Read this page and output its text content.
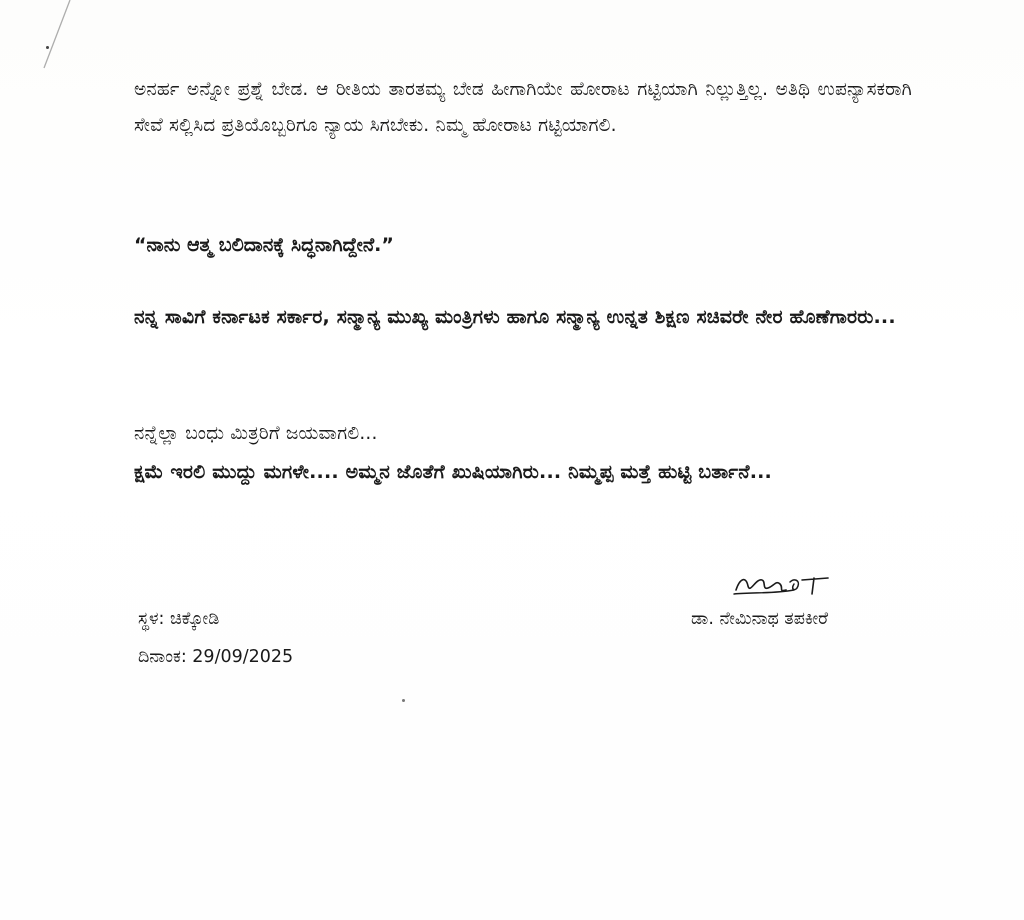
ಅನರ್ಹ ಅನ್ನೋ ಪ್ರಶ್ನೆ ಬೇಡ. ಆ ರೀತಿಯ ತಾರತಮ್ಯ ಬೇಡ ಹೀಗಾಗಿಯೇ ಹೋರಾಟ ಗಟ್ಟಿಯಾಗಿ ನಿಲ್ಲುತ್ತಿಲ್ಲ. ಅತಿಥಿ ಉಪನ್ಯಾಸಕರಾಗಿ ಸೇವೆ ಸಲ್ಲಿಸಿದ ಪ್ರತಿಯೊಬ್ಬರಿಗೂ ನ್ಯಾಯ ಸಿಗಬೇಕು. ನಿಮ್ಮ ಹೋರಾಟ ಗಟ್ಟಿಯಾಗಲಿ.

“ನಾನು ಆತ್ಮ ಬಲಿದಾನಕ್ಕೆ ಸಿದ್ಧನಾಗಿದ್ದೇನೆ.”

ನನ್ನ ಸಾವಿಗೆ ಕರ್ನಾಟಕ ಸರ್ಕಾರ, ಸನ್ಮಾನ್ಯ ಮುಖ್ಯ ಮಂತ್ರಿಗಳು ಹಾಗೂ ಸನ್ಮಾನ್ಯ ಉನ್ನತ ಶಿಕ್ಷಣ ಸಚಿವರೇ ನೇರ ಹೊಣೆಗಾರರು...

ನನ್ನೆಲ್ಲಾ ಬಂಧು ಮಿತ್ರರಿಗೆ ಜಯವಾಗಲಿ...

ಕ್ಷಮೆ ಇರಲಿ ಮುದ್ದು ಮಗಳೇ.... ಅಮ್ಮನ ಜೊತೆಗೆ ಖುಷಿಯಾಗಿರು... ನಿಮ್ಮಪ್ಪ ಮತ್ತೆ ಹುಟ್ಟಿ ಬರ್ತಾನೆ...

ಸ್ಥಳ: ಚಿಕ್ಕೋಡಿ

ದಿನಾಂಕ: 29/09/2025

ಡಾ. ನೇಮಿನಾಥ ತಪಕೀರೆ
